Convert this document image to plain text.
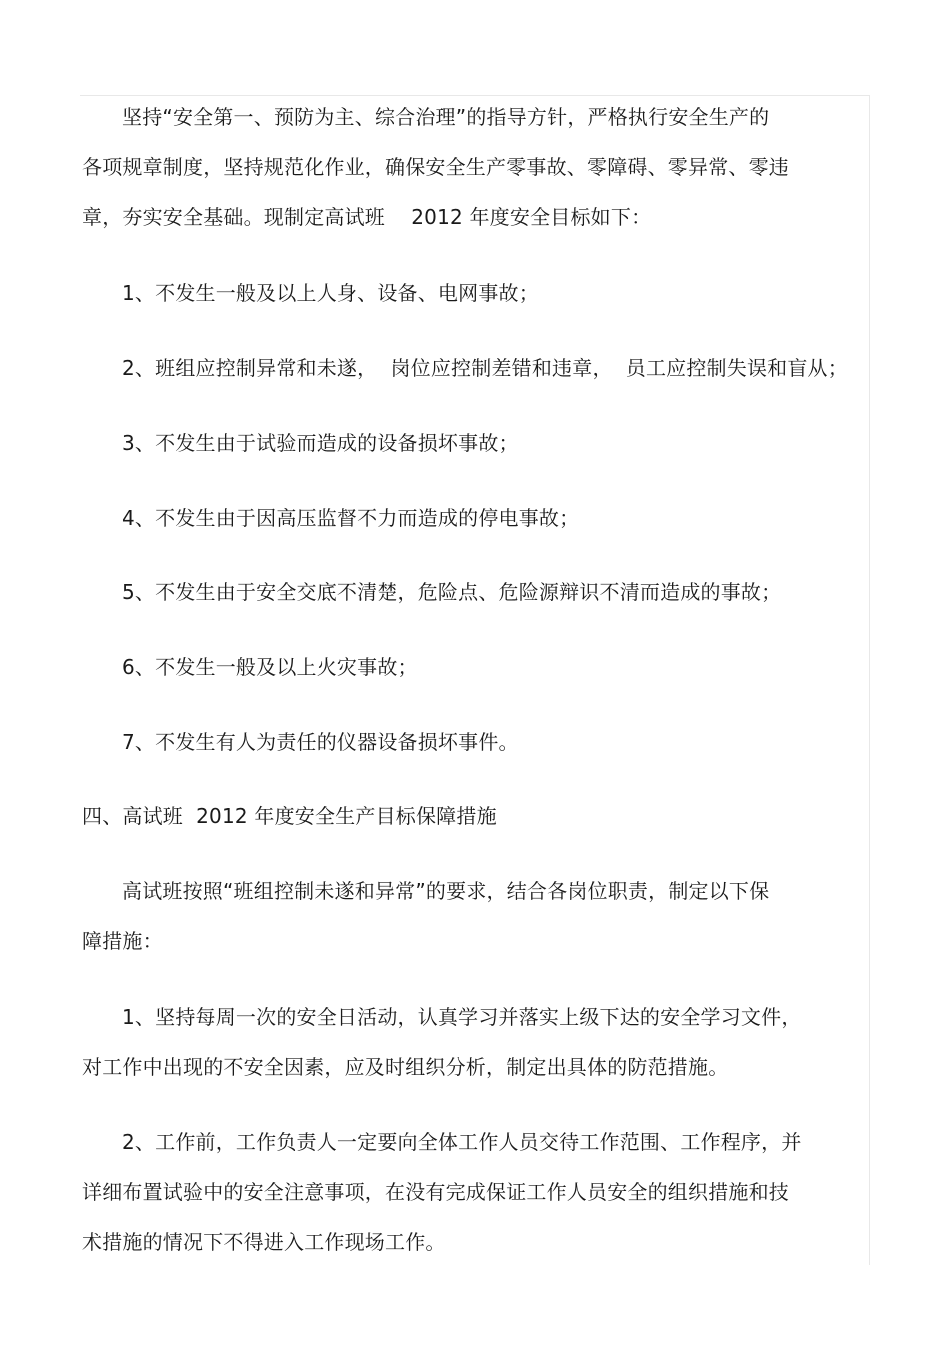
坚持“安全第一、预防为主、综合治理”的指导方针，严格执行安全生产的
各项规章制度，坚持规范化作业，确保安全生产零事故、零障碍、零异常、零违
章，夯实安全基础。现制定高试班    2012 年度安全目标如下：
1、不发生一般及以上人身、设备、电网事故；
2、班组应控制异常和未遂，  岗位应控制差错和违章，  员工应控制失误和盲从；
3、不发生由于试验而造成的设备损坏事故；
4、不发生由于因高压监督不力而造成的停电事故；
5、不发生由于安全交底不清楚，危险点、危险源辩识不清而造成的事故；
6、不发生一般及以上火灾事故；
7、不发生有人为责任的仪器设备损坏事件。
四、高试班  2012 年度安全生产目标保障措施
高试班按照“班组控制未遂和异常”的要求，结合各岗位职责，制定以下保
障措施：
1、坚持每周一次的安全日活动，认真学习并落实上级下达的安全学习文件，
对工作中出现的不安全因素，应及时组织分析，制定出具体的防范措施。
2、工作前，工作负责人一定要向全体工作人员交待工作范围、工作程序，并
详细布置试验中的安全注意事项，在没有完成保证工作人员安全的组织措施和技
术措施的情况下不得进入工作现场工作。
